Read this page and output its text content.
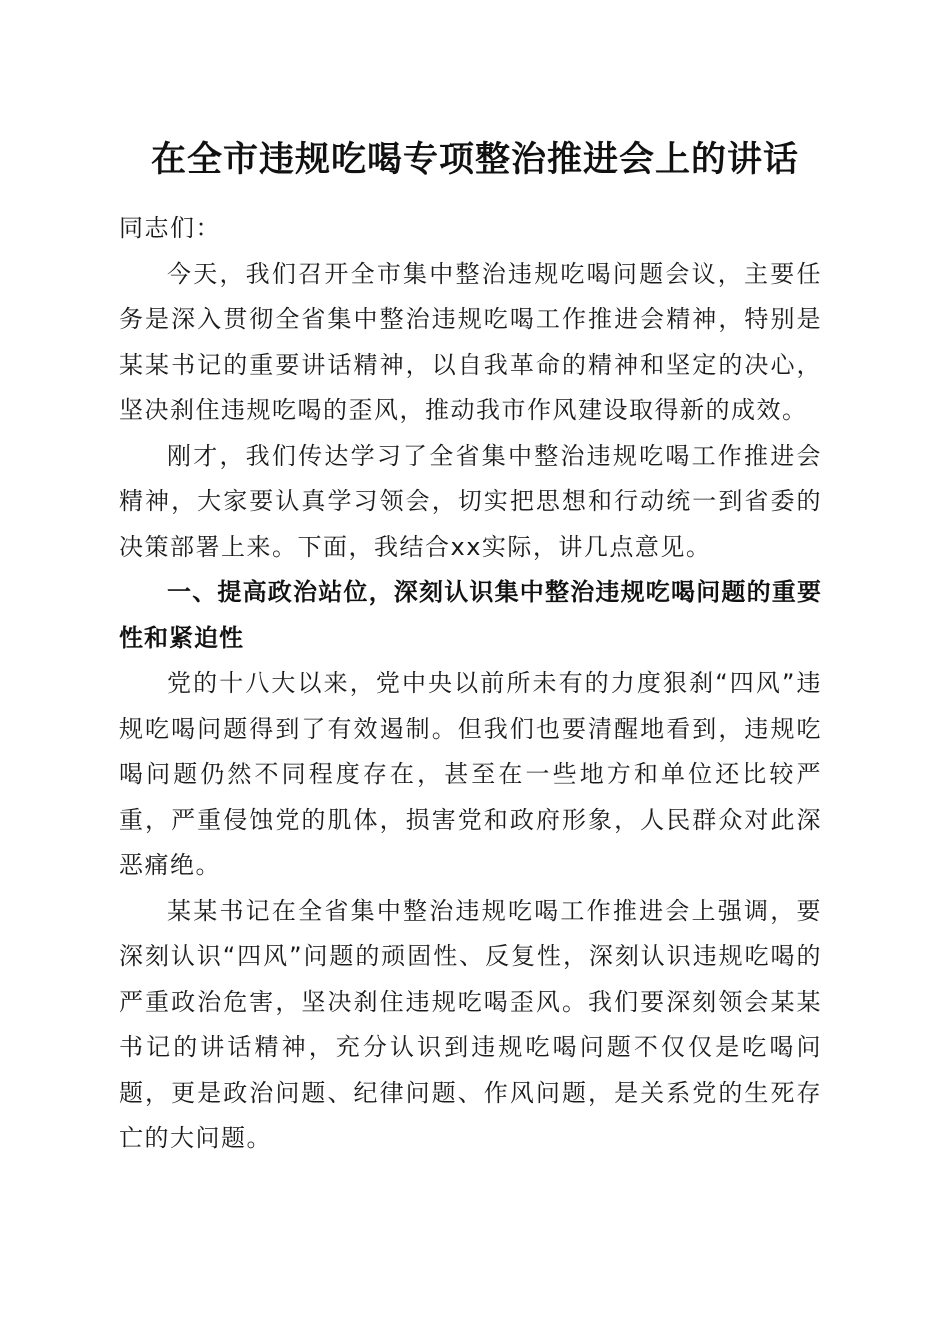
在全市违规吃喝专项整治推进会上的讲话

同志们：

今天，我们召开全市集中整治违规吃喝问题会议，主要任务是深入贯彻全省集中整治违规吃喝工作推进会精神，特别是某某书记的重要讲话精神，以自我革命的精神和坚定的决心，坚决刹住违规吃喝的歪风，推动我市作风建设取得新的成效。

刚才，我们传达学习了全省集中整治违规吃喝工作推进会精神，大家要认真学习领会，切实把思想和行动统一到省委的决策部署上来。下面，我结合xx实际，讲几点意见。

一、提高政治站位，深刻认识集中整治违规吃喝问题的重要性和紧迫性

党的十八大以来，党中央以前所未有的力度狠刹“四风”违规吃喝问题得到了有效遏制。但我们也要清醒地看到，违规吃喝问题仍然不同程度存在，甚至在一些地方和单位还比较严重，严重侵蚀党的肌体，损害党和政府形象，人民群众对此深恶痛绝。

某某书记在全省集中整治违规吃喝工作推进会上强调，要深刻认识“四风”问题的顽固性、反复性，深刻认识违规吃喝的严重政治危害，坚决刹住违规吃喝歪风。我们要深刻领会某某书记的讲话精神，充分认识到违规吃喝问题不仅仅是吃喝问题，更是政治问题、纪律问题、作风问题，是关系党的生死存亡的大问题。
